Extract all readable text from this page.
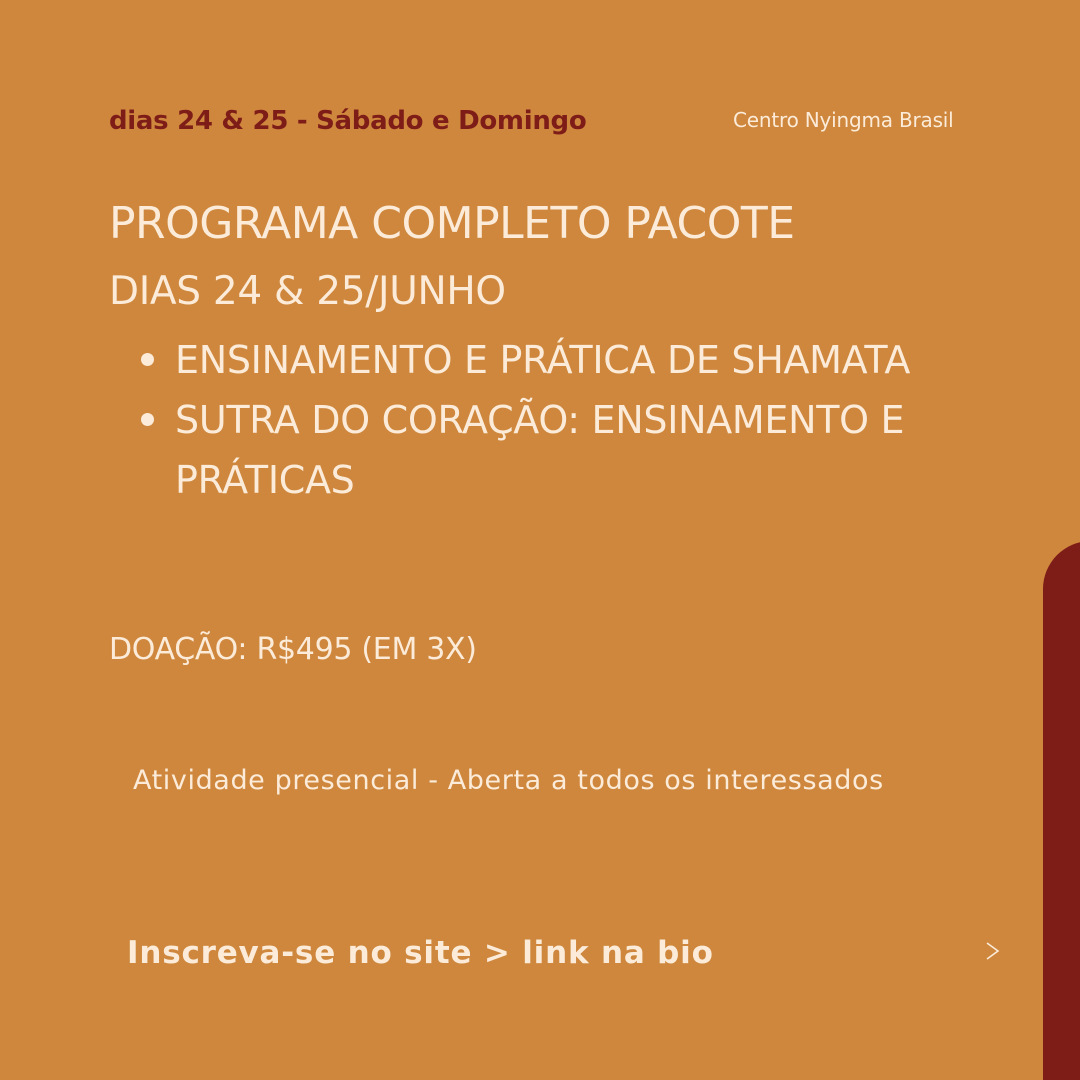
dias 24 & 25 - Sábado e Domingo	Centro Nyingma Brasil
PROGRAMA COMPLETO PACOTE
DIAS 24 & 25/JUNHO
ENSINAMENTO E PRÁTICA DE SHAMATA
SUTRA DO CORAÇÃO: ENSINAMENTO E PRÁTICAS
DOAÇÃO: R$495 (EM 3X)
Atividade presencial - Aberta a todos os interessados
Inscreva-se no site > link na bio
